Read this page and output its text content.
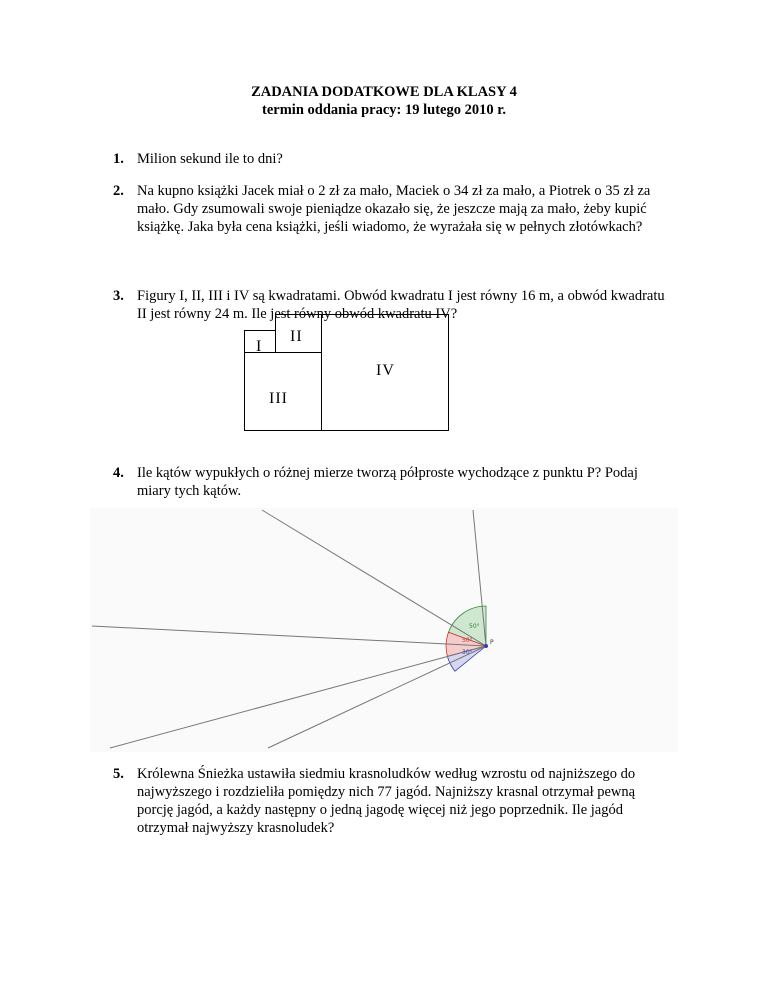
ZADANIA DODATKOWE DLA KLASY 4
termin oddania pracy: 19 lutego 2010 r.
1. Milion sekund ile to dni?
2. Na kupno książki Jacek miał o 2 zł za mało, Maciek o 34 zł za mało, a Piotrek o 35 zł za mało. Gdy zsumowali swoje pieniądze okazało się, że jeszcze mają za mało, żeby kupić książkę. Jaka była cena książki, jeśli wiadomo, że wyrażała się w pełnych złotówkach?
3. Figury I, II, III i IV są kwadratami. Obwód kwadratu I jest równy 16 m, a obwód kwadratu II jest równy 24 m. Ile jest równy obwód kwadratu IV?
I
II
III
IV
4. Ile kątów wypukłych o różnej mierze tworzą półproste wychodzące z punktu P? Podaj miary tych kątów.
P
50°
50°
30°
5. Królewna Śnieżka ustawiła siedmiu krasnoludków według wzrostu od najniższego do najwyższego i rozdzieliła pomiędzy nich 77 jagód. Najniższy krasnal otrzymał pewną porcję jagód, a każdy następny o jedną jagodę więcej niż jego poprzednik. Ile jagód otrzymał najwyższy krasnoludek?
